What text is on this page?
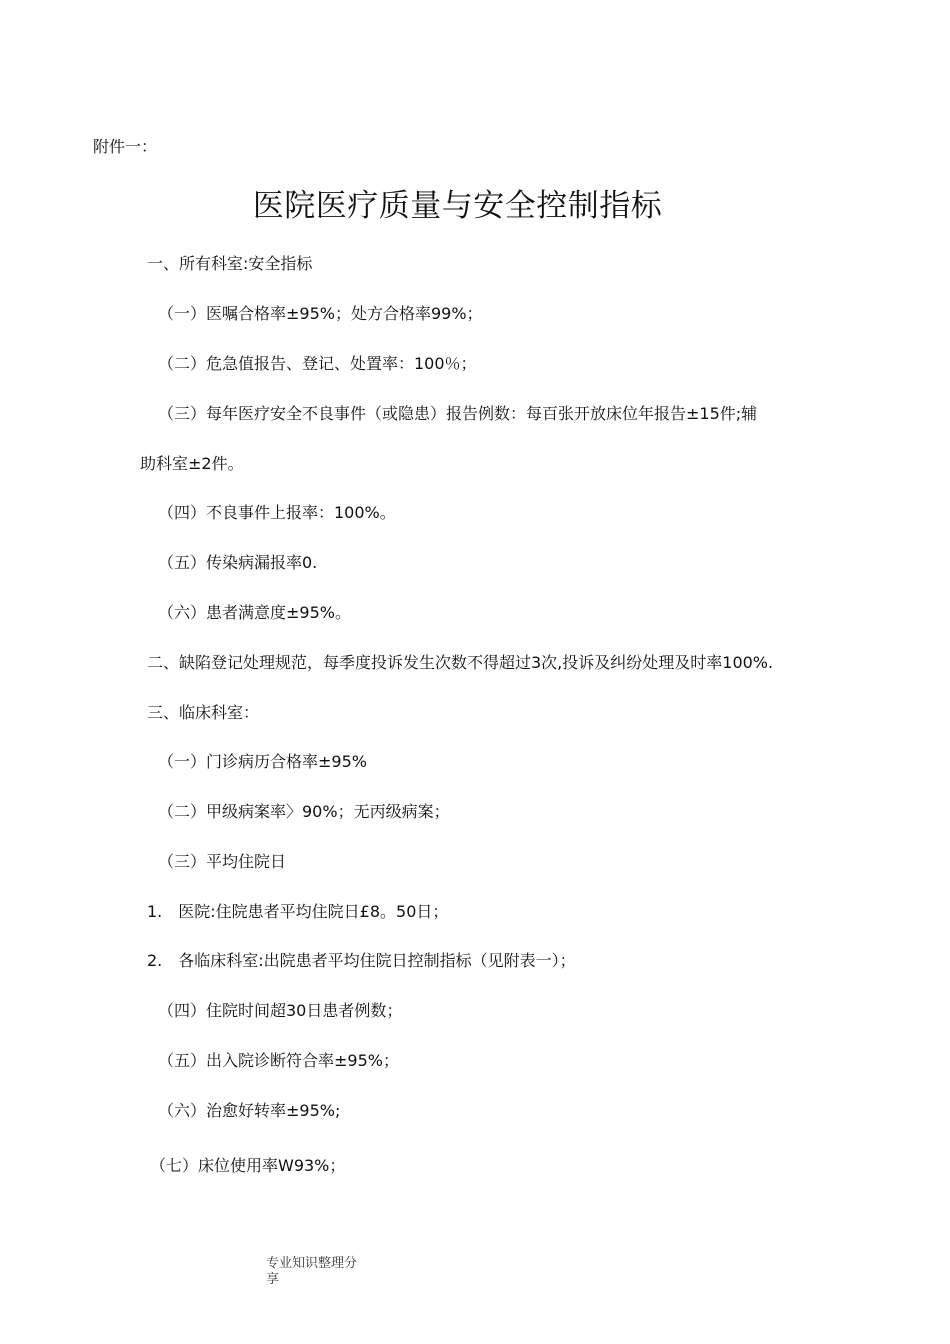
附件一：
医院医疗质量与安全控制指标
一、所有科室:安全指标
（一）医嘱合格率±95%；处方合格率99%；
（二）危急值报告、登记、处置率：100％；
（三）每年医疗安全不良事件（或隐患）报告例数：每百张开放床位年报告±15件;辅
助科室±2件。
（四）不良事件上报率：100%。
（五）传染病漏报率0.
（六）患者满意度±95%。
二、缺陷登记处理规范，每季度投诉发生次数不得超过3次,投诉及纠纷处理及时率100%.
三、临床科室：
（一）门诊病历合格率±95%
（二）甲级病案率〉90%；无丙级病案；
（三）平均住院日
1.　医院:住院患者平均住院日£8。50日；
2.　各临床科室:出院患者平均住院日控制指标（见附表一）；
（四）住院时间超30日患者例数；
（五）出入院诊断符合率±95%；
（六）治愈好转率±95%;
（七）床位使用率W93%；
专业知识整理分享
